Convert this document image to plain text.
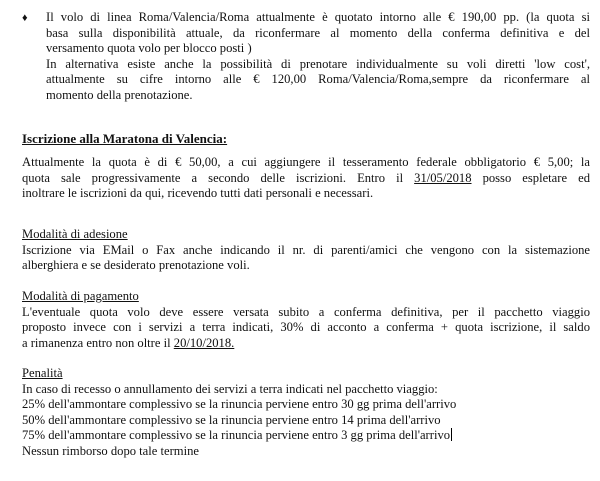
♦	Il volo di linea Roma/Valencia/Roma attualmente è quotato intorno alle € 190,00 pp. (la quota si
basa sulla disponibilità attuale, da riconfermare al momento della conferma definitiva e del
versamento quota volo per blocco posti )
In alternativa esiste anche la possibilità di prenotare individualmente su voli diretti 'low cost',
attualmente su cifre intorno alle € 120,00 Roma/Valencia/Roma,sempre da riconfermare al
momento della prenotazione.
Iscrizione alla Maratona di Valencia:
Attualmente la quota è di € 50,00, a cui aggiungere il tesseramento federale obbligatorio € 5,00; la
quota sale progressivamente a secondo delle iscrizioni. Entro il 31/05/2018 posso espletare ed
inoltrare le iscrizioni da qui, ricevendo tutti dati personali e necessari.
Modalità di adesione
Iscrizione via EMail o Fax anche indicando il nr. di parenti/amici che vengono con la sistemazione
alberghiera e se desiderato prenotazione voli.
Modalità di pagamento
L'eventuale quota volo deve essere versata subito a conferma definitiva, per il pacchetto viaggio
proposto invece con i servizi a terra indicati, 30% di acconto a conferma + quota iscrizione, il saldo
a rimanenza entro non oltre il 20/10/2018.
Penalità
In caso di recesso o annullamento dei servizi a terra indicati nel pacchetto viaggio:
25% dell'ammontare complessivo se la rinuncia perviene entro 30 gg prima dell'arrivo
50% dell'ammontare complessivo se la rinuncia perviene entro 14 prima dell'arrivo
75% dell'ammontare complessivo se la rinuncia perviene entro 3 gg prima dell'arrivo
Nessun rimborso dopo tale termine
